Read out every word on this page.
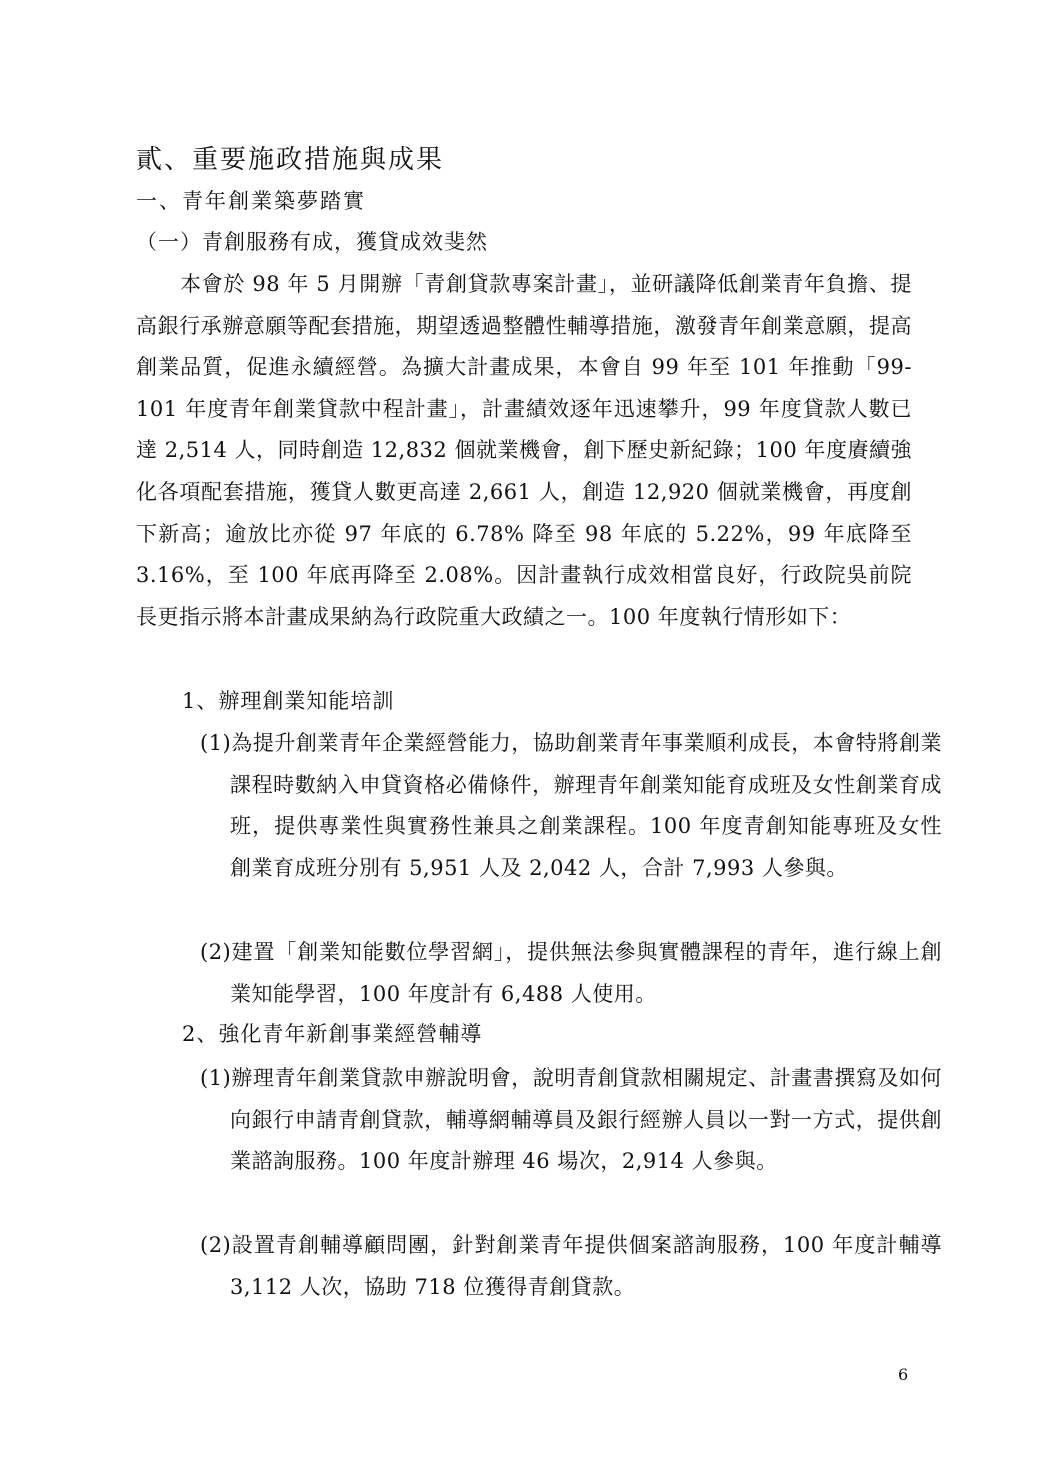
貳、重要施政措施與成果
一、青年創業築夢踏實
（一）青創服務有成，獲貸成效斐然

本會於 98 年 5 月開辦「青創貸款專案計畫」，並研議降低創業青年負擔、提高銀行承辦意願等配套措施，期望透過整體性輔導措施，激發青年創業意願，提高創業品質，促進永續經營。為擴大計畫成果，本會自 99 年至 101 年推動「99-101 年度青年創業貸款中程計畫」，計畫績效逐年迅速攀升，99 年度貸款人數已達 2,514 人，同時創造 12,832 個就業機會，創下歷史新紀錄；100 年度賡續強化各項配套措施，獲貸人數更高達 2,661 人，創造 12,920 個就業機會，再度創下新高；逾放比亦從 97 年底的 6.78% 降至 98 年底的 5.22%，99 年底降至 3.16%，至 100 年底再降至 2.08%。因計畫執行成效相當良好，行政院吳前院長更指示將本計畫成果納為行政院重大政績之一。100 年度執行情形如下：

1、辦理創業知能培訓

(1)為提升創業青年企業經營能力，協助創業青年事業順利成長，本會特將創業課程時數納入申貸資格必備條件，辦理青年創業知能育成班及女性創業育成班，提供專業性與實務性兼具之創業課程。100 年度青創知能專班及女性創業育成班分別有 5,951 人及 2,042 人，合計 7,993 人參與。

(2)建置「創業知能數位學習網」，提供無法參與實體課程的青年，進行線上創業知能學習，100 年度計有 6,488 人使用。

2、強化青年新創事業經營輔導

(1)辦理青年創業貸款申辦說明會，說明青創貸款相關規定、計畫書撰寫及如何向銀行申請青創貸款，輔導網輔導員及銀行經辦人員以一對一方式，提供創業諮詢服務。100 年度計辦理 46 場次，2,914 人參與。

(2)設置青創輔導顧問團，針對創業青年提供個案諮詢服務，100 年度計輔導 3,112 人次，協助 718 位獲得青創貸款。

6
